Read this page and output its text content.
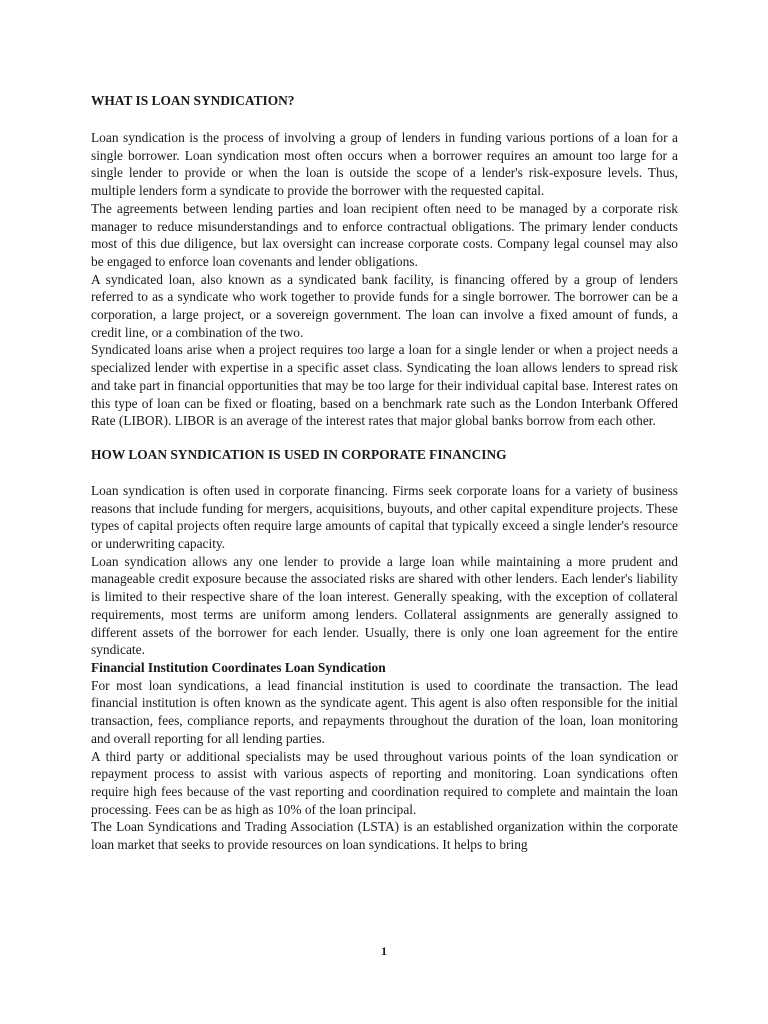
WHAT IS LOAN SYNDICATION?

Loan syndication is the process of involving a group of lenders in funding various portions of a loan for a single borrower. Loan syndication most often occurs when a borrower requires an amount too large for a single lender to provide or when the loan is outside the scope of a lender's risk-exposure levels. Thus, multiple lenders form a syndicate to provide the borrower with the requested capital.

The agreements between lending parties and loan recipient often need to be managed by a corporate risk manager to reduce misunderstandings and to enforce contractual obligations. The primary lender conducts most of this due diligence, but lax oversight can increase corporate costs. Company legal counsel may also be engaged to enforce loan covenants and lender obligations.

A syndicated loan, also known as a syndicated bank facility, is financing offered by a group of lenders referred to as a syndicate who work together to provide funds for a single borrower. The borrower can be a corporation, a large project, or a sovereign government. The loan can involve a fixed amount of funds, a credit line, or a combination of the two.

Syndicated loans arise when a project requires too large a loan for a single lender or when a project needs a specialized lender with expertise in a specific asset class. Syndicating the loan allows lenders to spread risk and take part in financial opportunities that may be too large for their individual capital base. Interest rates on this type of loan can be fixed or floating, based on a benchmark rate such as the London Interbank Offered Rate (LIBOR). LIBOR is an average of the interest rates that major global banks borrow from each other.

HOW LOAN SYNDICATION IS USED IN CORPORATE FINANCING

Loan syndication is often used in corporate financing. Firms seek corporate loans for a variety of business reasons that include funding for mergers, acquisitions, buyouts, and other capital expenditure projects. These types of capital projects often require large amounts of capital that typically exceed a single lender's resource or underwriting capacity.

Loan syndication allows any one lender to provide a large loan while maintaining a more prudent and manageable credit exposure because the associated risks are shared with other lenders. Each lender's liability is limited to their respective share of the loan interest. Generally speaking, with the exception of collateral requirements, most terms are uniform among lenders. Collateral assignments are generally assigned to different assets of the borrower for each lender. Usually, there is only one loan agreement for the entire syndicate.

Financial Institution Coordinates Loan Syndication

For most loan syndications, a lead financial institution is used to coordinate the transaction. The lead financial institution is often known as the syndicate agent. This agent is also often responsible for the initial transaction, fees, compliance reports, and repayments throughout the duration of the loan, loan monitoring and overall reporting for all lending parties.

A third party or additional specialists may be used throughout various points of the loan syndication or repayment process to assist with various aspects of reporting and monitoring. Loan syndications often require high fees because of the vast reporting and coordination required to complete and maintain the loan processing. Fees can be as high as 10% of the loan principal.

The Loan Syndications and Trading Association (LSTA) is an established organization within the corporate loan market that seeks to provide resources on loan syndications. It helps to bring

1
